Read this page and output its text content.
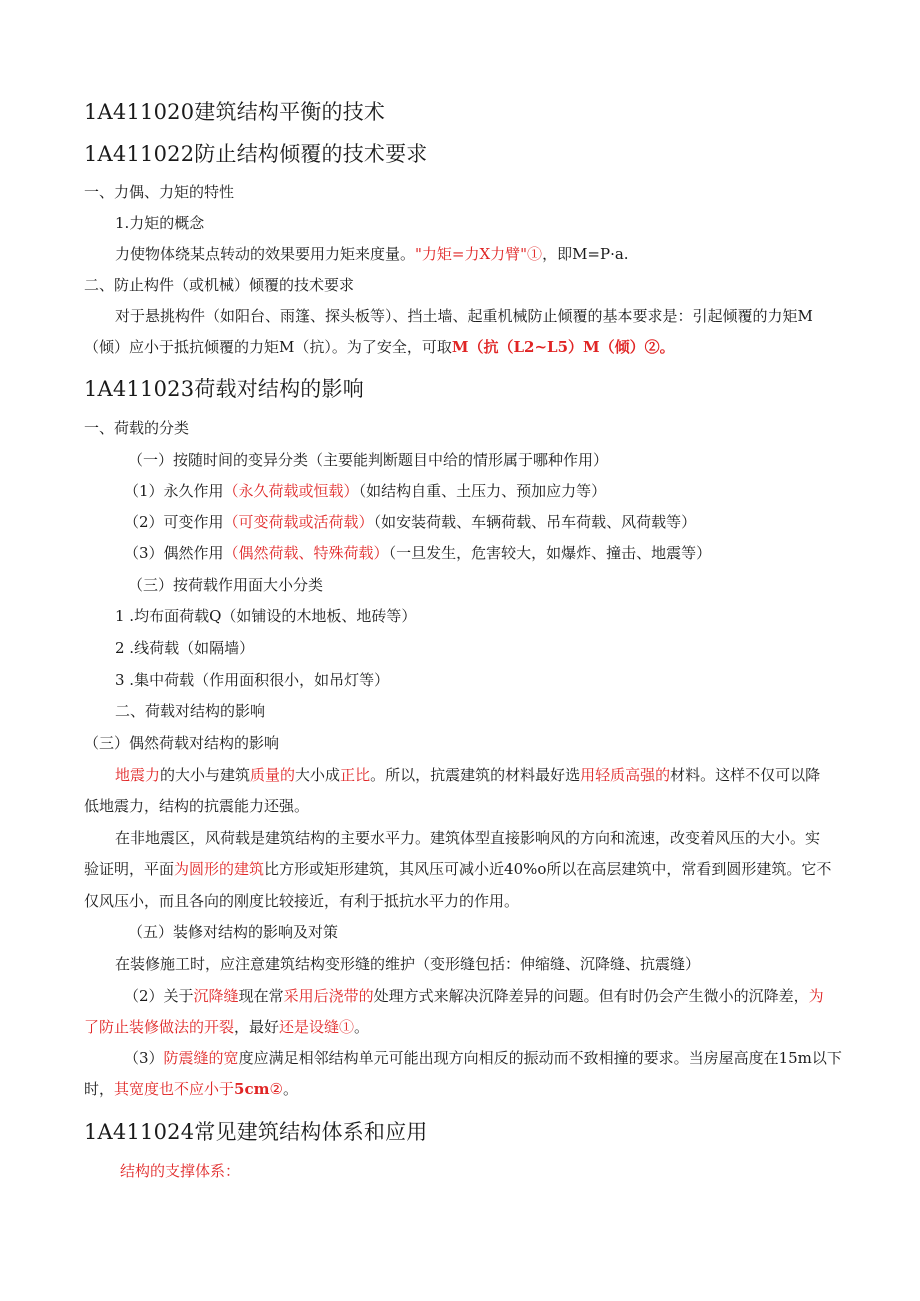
1A411020建筑结构平衡的技术
1A411022防止结构倾覆的技术要求
一、力偶、力矩的特性
1.力矩的概念
力使物体绕某点转动的效果要用力矩来度量。"力矩=力X力臂"①，即M=P·a.
二、防止构件（或机械）倾覆的技术要求
对于悬挑构件（如阳台、雨篷、探头板等）、挡土墙、起重机械防止倾覆的基本要求是：引起倾覆的力矩M
（倾）应小于抵抗倾覆的力矩M（抗）。为了安全，可取M（抗（L2~L5）M（倾）②。
1A411023荷载对结构的影响
一、荷载的分类
（一）按随时间的变异分类（主要能判断题目中给的情形属于哪种作用）
（1）永久作用（永久荷载或恒载）（如结构自重、土压力、预加应力等）
（2）可变作用（可变荷载或活荷载）（如安装荷载、车辆荷载、吊车荷载、风荷载等）
（3）偶然作用（偶然荷载、特殊荷载）（一旦发生，危害较大，如爆炸、撞击、地震等）
（三）按荷载作用面大小分类
1 .均布面荷载Q（如铺设的木地板、地砖等）
2 .线荷载（如隔墙）
3 .集中荷载（作用面积很小，如吊灯等）
二、荷载对结构的影响
（三）偶然荷载对结构的影响
地震力的大小与建筑质量的大小成正比。所以，抗震建筑的材料最好选用轻质高强的材料。这样不仅可以降
低地震力，结构的抗震能力还强。
在非地震区，风荷载是建筑结构的主要水平力。建筑体型直接影响风的方向和流速，改变着风压的大小。实
验证明，平面为圆形的建筑比方形或矩形建筑，其风压可减小近40%o所以在高层建筑中，常看到圆形建筑。它不
仅风压小，而且各向的刚度比较接近，有利于抵抗水平力的作用。
（五）装修对结构的影响及对策
在装修施工时，应注意建筑结构变形缝的维护（变形缝包括：伸缩缝、沉降缝、抗震缝）
（2）关于沉降缝现在常采用后浇带的处理方式来解决沉降差异的问题。但有时仍会产生微小的沉降差，为
了防止装修做法的开裂，最好还是设缝①。
（3）防震缝的宽度应满足相邻结构单元可能出现方向相反的振动而不致相撞的要求。当房屋高度在15m以下
时，其宽度也不应小于5cm②。
1A411024常见建筑结构体系和应用
结构的支撑体系：
